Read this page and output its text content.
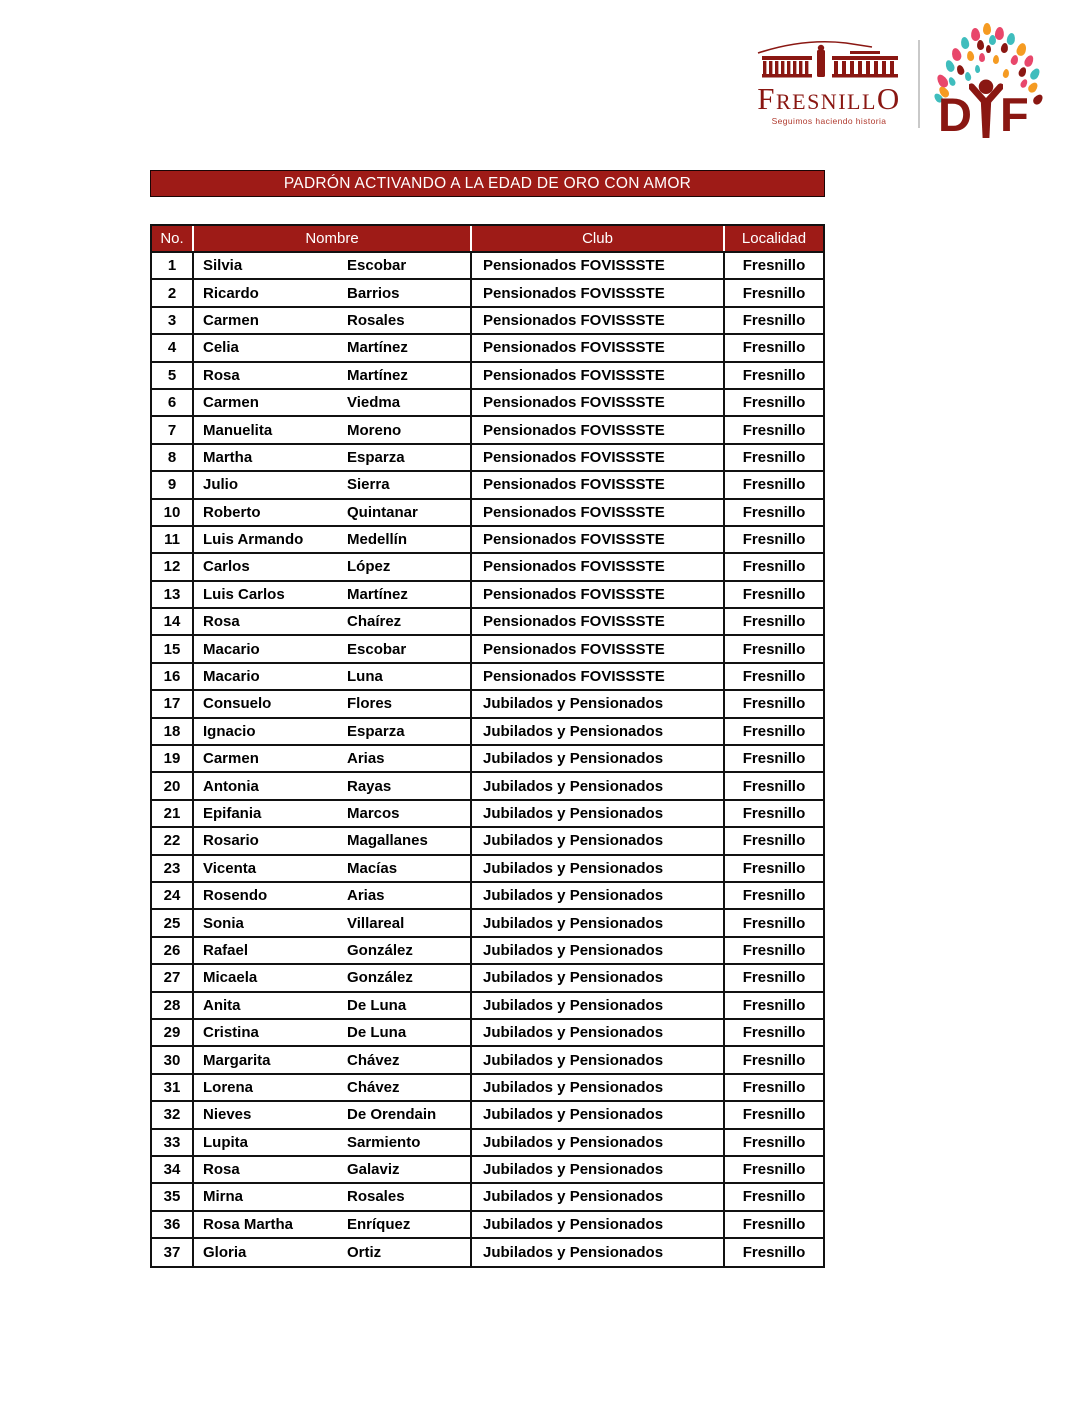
FRESNILLO
Seguimos haciendo historia	D F
PADRÓN ACTIVANDO A LA EDAD DE ORO CON AMOR
No.	Nombre	Club	Localidad
1	Silvia	Escobar	Pensionados FOVISSSTE	Fresnillo
2	Ricardo	Barrios	Pensionados FOVISSSTE	Fresnillo
3	Carmen	Rosales	Pensionados FOVISSSTE	Fresnillo
4	Celia	Martínez	Pensionados FOVISSSTE	Fresnillo
5	Rosa	Martínez	Pensionados FOVISSSTE	Fresnillo
6	Carmen	Viedma	Pensionados FOVISSSTE	Fresnillo
7	Manuelita	Moreno	Pensionados FOVISSSTE	Fresnillo
8	Martha	Esparza	Pensionados FOVISSSTE	Fresnillo
9	Julio	Sierra	Pensionados FOVISSSTE	Fresnillo
10	Roberto	Quintanar	Pensionados FOVISSSTE	Fresnillo
11	Luis Armando	Medellín	Pensionados FOVISSSTE	Fresnillo
12	Carlos	López	Pensionados FOVISSSTE	Fresnillo
13	Luis Carlos	Martínez	Pensionados FOVISSSTE	Fresnillo
14	Rosa	Chaírez	Pensionados FOVISSSTE	Fresnillo
15	Macario	Escobar	Pensionados FOVISSSTE	Fresnillo
16	Macario	Luna	Pensionados FOVISSSTE	Fresnillo
17	Consuelo	Flores	Jubilados y Pensionados	Fresnillo
18	Ignacio	Esparza	Jubilados y Pensionados	Fresnillo
19	Carmen	Arias	Jubilados y Pensionados	Fresnillo
20	Antonia	Rayas	Jubilados y Pensionados	Fresnillo
21	Epifania	Marcos	Jubilados y Pensionados	Fresnillo
22	Rosario	Magallanes	Jubilados y Pensionados	Fresnillo
23	Vicenta	Macías	Jubilados y Pensionados	Fresnillo
24	Rosendo	Arias	Jubilados y Pensionados	Fresnillo
25	Sonia	Villareal	Jubilados y Pensionados	Fresnillo
26	Rafael	González	Jubilados y Pensionados	Fresnillo
27	Micaela	González	Jubilados y Pensionados	Fresnillo
28	Anita	De Luna	Jubilados y Pensionados	Fresnillo
29	Cristina	De Luna	Jubilados y Pensionados	Fresnillo
30	Margarita	Chávez	Jubilados y Pensionados	Fresnillo
31	Lorena	Chávez	Jubilados y Pensionados	Fresnillo
32	Nieves	De Orendain	Jubilados y Pensionados	Fresnillo
33	Lupita	Sarmiento	Jubilados y Pensionados	Fresnillo
34	Rosa	Galaviz	Jubilados y Pensionados	Fresnillo
35	Mirna	Rosales	Jubilados y Pensionados	Fresnillo
36	Rosa Martha	Enríquez	Jubilados y Pensionados	Fresnillo
37	Gloria	Ortiz	Jubilados y Pensionados	Fresnillo
